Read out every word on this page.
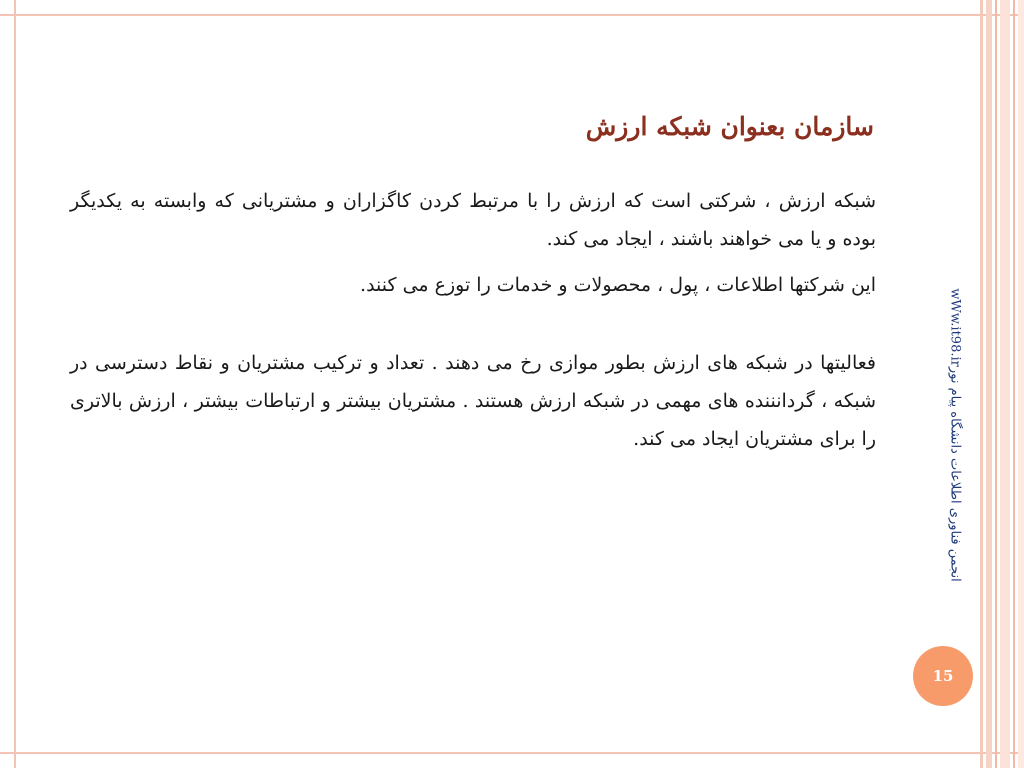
سازمان بعنوان شبکه ارزش

شبکه ارزش ، شرکتی است که ارزش را با مرتبط کردن کاگزاران و مشتریانی که وابسته به یکدیگر بوده و یا می خواهند باشند ، ایجاد می کند.

این شرکتها اطلاعات ، پول ، محصولات و خدمات را توزع می کنند.

فعالیتها در شبکه های ارزش بطور موازی رخ می دهند . تعداد و ترکیب مشتریان و نقاط دسترسی در شبکه ، گردانننده های مهمی در شبکه ارزش هستند . مشتریان بیشتر و ارتباطات بیشتر ، ارزش بالاتری را برای مشتریان ایجاد می کند.

wWw.it98.irانجمن فناوری اطلاعات دانشگاه پیام نور
15
